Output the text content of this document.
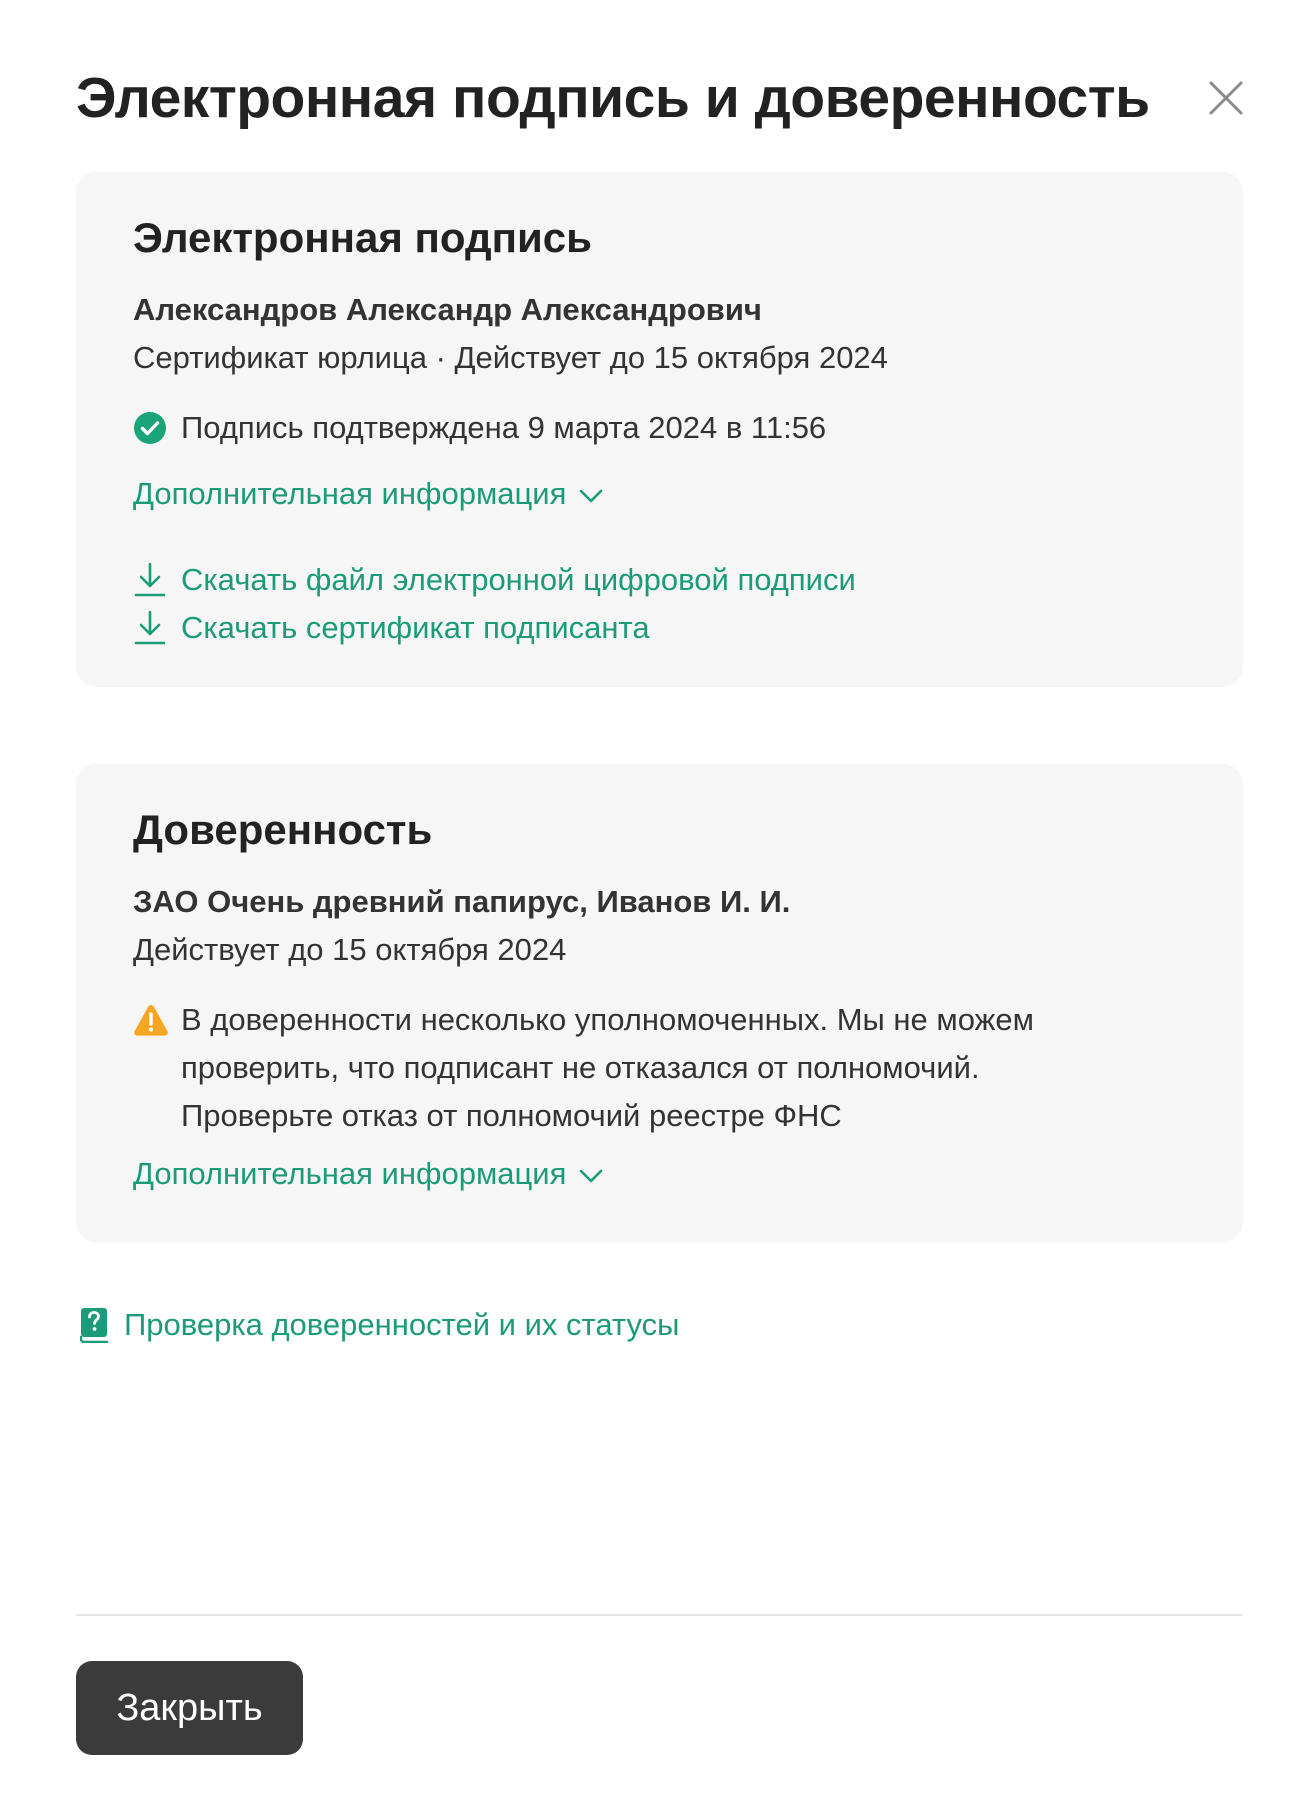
Электронная подпись и доверенность
Электронная подпись
Александров Александр Александрович
Сертификат юрлица · Действует до 15 октября 2024
Подпись подтверждена 9 марта 2024 в 11:56
Дополнительная информация
Скачать файл электронной цифровой подписи
Скачать сертификат подписанта
Доверенность
ЗАО Очень древний папирус, Иванов И. И.
Действует до 15 октября 2024
В доверенности несколько уполномоченных. Мы не можем
проверить, что подписант не отказался от полномочий.
Проверьте отказ от полномочий реестре ФНС
Дополнительная информация
Проверка доверенностей и их статусы
Закрыть
